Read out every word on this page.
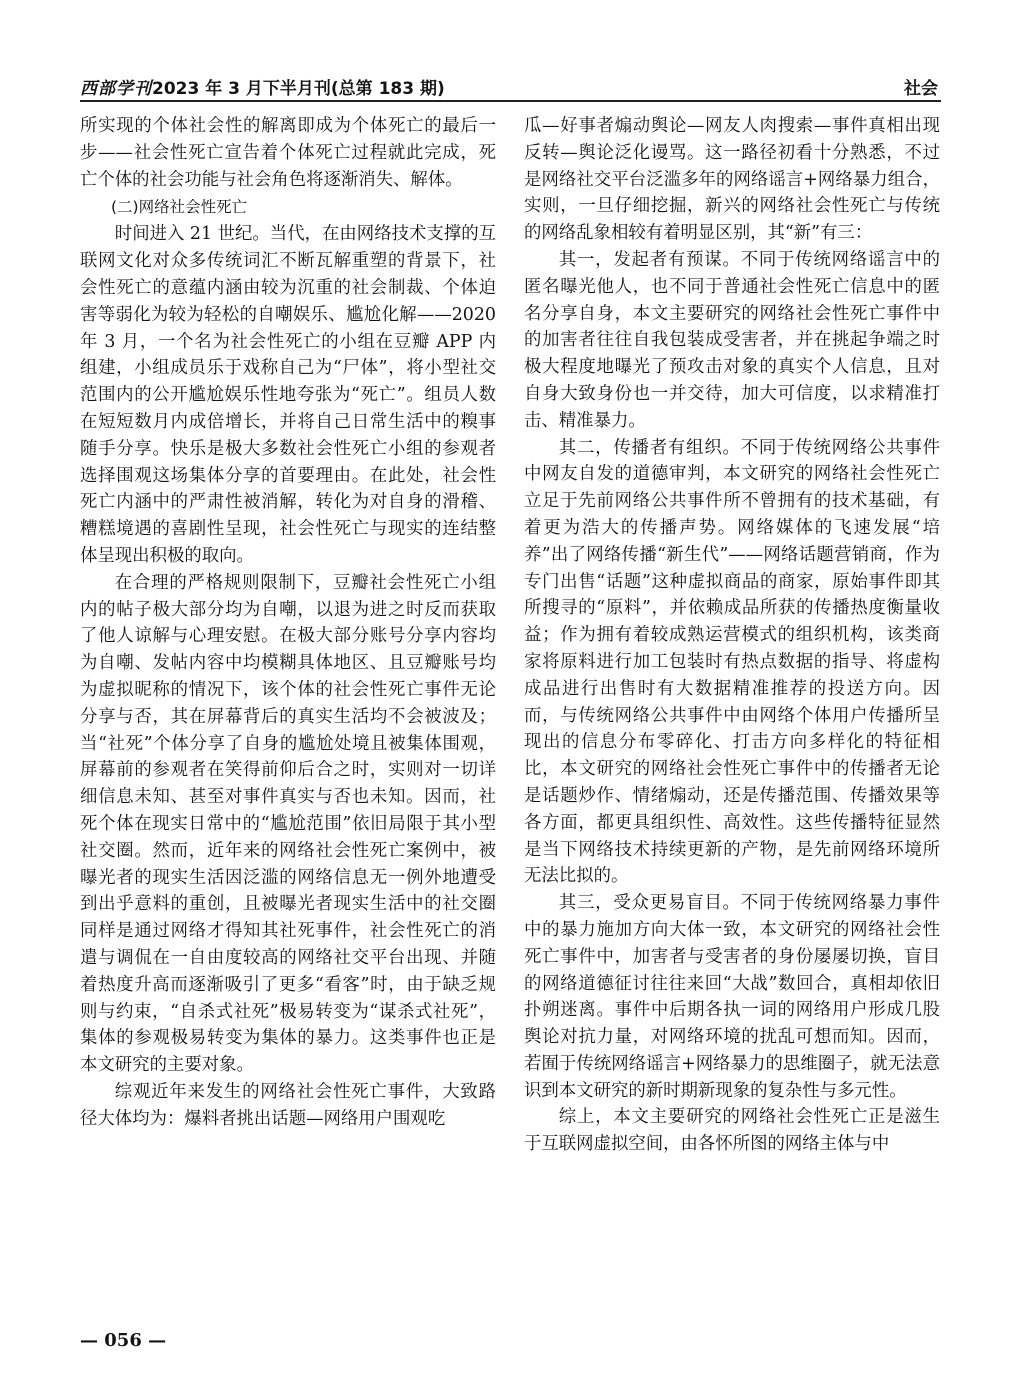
西部学刊2023 年 3 月下半月刊(总第 183 期)	社会

所实现的个体社会性的解离即成为个体死亡的最后一步——社会性死亡宣告着个体死亡过程就此完成，死亡个体的社会功能与社会角色将逐渐消失、解体。

(二)网络社会性死亡

时间进入 21 世纪。当代，在由网络技术支撑的互联网文化对众多传统词汇不断瓦解重塑的背景下，社会性死亡的意蕴内涵由较为沉重的社会制裁、个体迫害等弱化为较为轻松的自嘲娱乐、尴尬化解——2020 年 3 月，一个名为社会性死亡的小组在豆瓣 APP 内组建，小组成员乐于戏称自己为“尸体”，将小型社交范围内的公开尴尬娱乐性地夸张为“死亡”。组员人数在短短数月内成倍增长，并将自己日常生活中的糗事随手分享。快乐是极大多数社会性死亡小组的参观者选择围观这场集体分享的首要理由。在此处，社会性死亡内涵中的严肃性被消解，转化为对自身的滑稽、糟糕境遇的喜剧性呈现，社会性死亡与现实的连结整体呈现出积极的取向。

在合理的严格规则限制下，豆瓣社会性死亡小组内的帖子极大部分均为自嘲，以退为进之时反而获取了他人谅解与心理安慰。在极大部分账号分享内容均为自嘲、发帖内容中均模糊具体地区、且豆瓣账号均为虚拟昵称的情况下，该个体的社会性死亡事件无论分享与否，其在屏幕背后的真实生活均不会被波及；当“社死”个体分享了自身的尴尬处境且被集体围观，屏幕前的参观者在笑得前仰后合之时，实则对一切详细信息未知、甚至对事件真实与否也未知。因而，社死个体在现实日常中的“尴尬范围”依旧局限于其小型社交圈。然而，近年来的网络社会性死亡案例中，被曝光者的现实生活因泛滥的网络信息无一例外地遭受到出乎意料的重创，且被曝光者现实生活中的社交圈同样是通过网络才得知其社死事件，社会性死亡的消遣与调侃在一自由度较高的网络社交平台出现、并随着热度升高而逐渐吸引了更多“看客”时，由于缺乏规则与约束，“自杀式社死”极易转变为“谋杀式社死”，集体的参观极易转变为集体的暴力。这类事件也正是本文研究的主要对象。

综观近年来发生的网络社会性死亡事件，大致路径大体均为：爆料者挑出话题—网络用户围观吃

瓜—好事者煽动舆论—网友人肉搜索—事件真相出现反转—舆论泛化谩骂。这一路径初看十分熟悉，不过是网络社交平台泛滥多年的网络谣言+网络暴力组合，实则，一旦仔细挖掘，新兴的网络社会性死亡与传统的网络乱象相较有着明显区别，其“新”有三：

其一，发起者有预谋。不同于传统网络谣言中的匿名曝光他人，也不同于普通社会性死亡信息中的匿名分享自身，本文主要研究的网络社会性死亡事件中的加害者往往自我包装成受害者，并在挑起争端之时极大程度地曝光了预攻击对象的真实个人信息，且对自身大致身份也一并交待，加大可信度，以求精准打击、精准暴力。

其二，传播者有组织。不同于传统网络公共事件中网友自发的道德审判，本文研究的网络社会性死亡立足于先前网络公共事件所不曾拥有的技术基础，有着更为浩大的传播声势。网络媒体的飞速发展“培养”出了网络传播“新生代”——网络话题营销商，作为专门出售“话题”这种虚拟商品的商家，原始事件即其所搜寻的“原料”，并依赖成品所获的传播热度衡量收益；作为拥有着较成熟运营模式的组织机构，该类商家将原料进行加工包装时有热点数据的指导、将虚构成品进行出售时有大数据精准推荐的投送方向。因而，与传统网络公共事件中由网络个体用户传播所呈现出的信息分布零碎化、打击方向多样化的特征相比，本文研究的网络社会性死亡事件中的传播者无论是话题炒作、情绪煽动，还是传播范围、传播效果等各方面，都更具组织性、高效性。这些传播特征显然是当下网络技术持续更新的产物，是先前网络环境所无法比拟的。

其三，受众更易盲目。不同于传统网络暴力事件中的暴力施加方向大体一致，本文研究的网络社会性死亡事件中，加害者与受害者的身份屡屡切换，盲目的网络道德征讨往往来回“大战”数回合，真相却依旧扑朔迷离。事件中后期各执一词的网络用户形成几股舆论对抗力量，对网络环境的扰乱可想而知。因而，若囿于传统网络谣言+网络暴力的思维圈子，就无法意识到本文研究的新时期新现象的复杂性与多元性。

综上，本文主要研究的网络社会性死亡正是滋生于互联网虚拟空间，由各怀所图的网络主体与中

— 056 —
